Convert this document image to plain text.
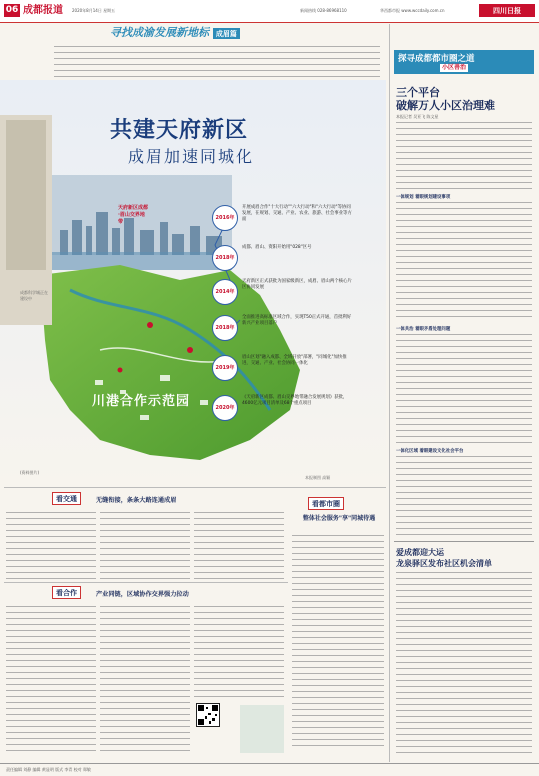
06 成都报道 2020年8月14日 星期五	新闻热线 028-86968110	华西都市报 www.wccdaily.com.cn	四川日报
寻找成渝发展新地标 成眉篇
共建天府新区
成眉加速同城化
天府新区成都·眉山交界地带
川港合作示范园
成都科学城正在建设中
(资料图片)
2016年
开展成眉合作"十大行动""六大行动"和"六大行动"等协同发展，在规划、交通、产业、农业、旅游、社会事业等方面
2018年
成都、眉山、资阳开始用"028"区号
2014年
天府新区正式获批为国家级新区，成眉、眉山两个核心片区协同发展
2018年
全面推进高标准区域合作，实现T50正式开通，首批利好新兴产业项目落户
2019年
眉山区划"融入成都、全域开放"部署，"同城化"加快推进，交通、产业、社会协同一体化
2020年
《天府新区成都、眉山交界地带融合发展规划》获批，4600亿元项目清单及68个重点项目
本报制图 高颖
看交通	无缝衔接，条条大路连通成眉	看都市圈
整体社会服务"享"同城待遇
看合作	产业同链，区域协作交界强力拉动
探寻成都都市圈之道
小区善治
三个平台
破解万人小区治理难
本报记者 吴亚飞 陈文星
一体规划 着眼规划建设事项
一体共治 着眼矛盾处理问题
一体化区域 着眼建设文化社会平台
爱成都迎大运
龙泉驿区发布社区机会清单
责任编辑 刘静 编辑 黄显明 版式 李青 校对 郑敏
